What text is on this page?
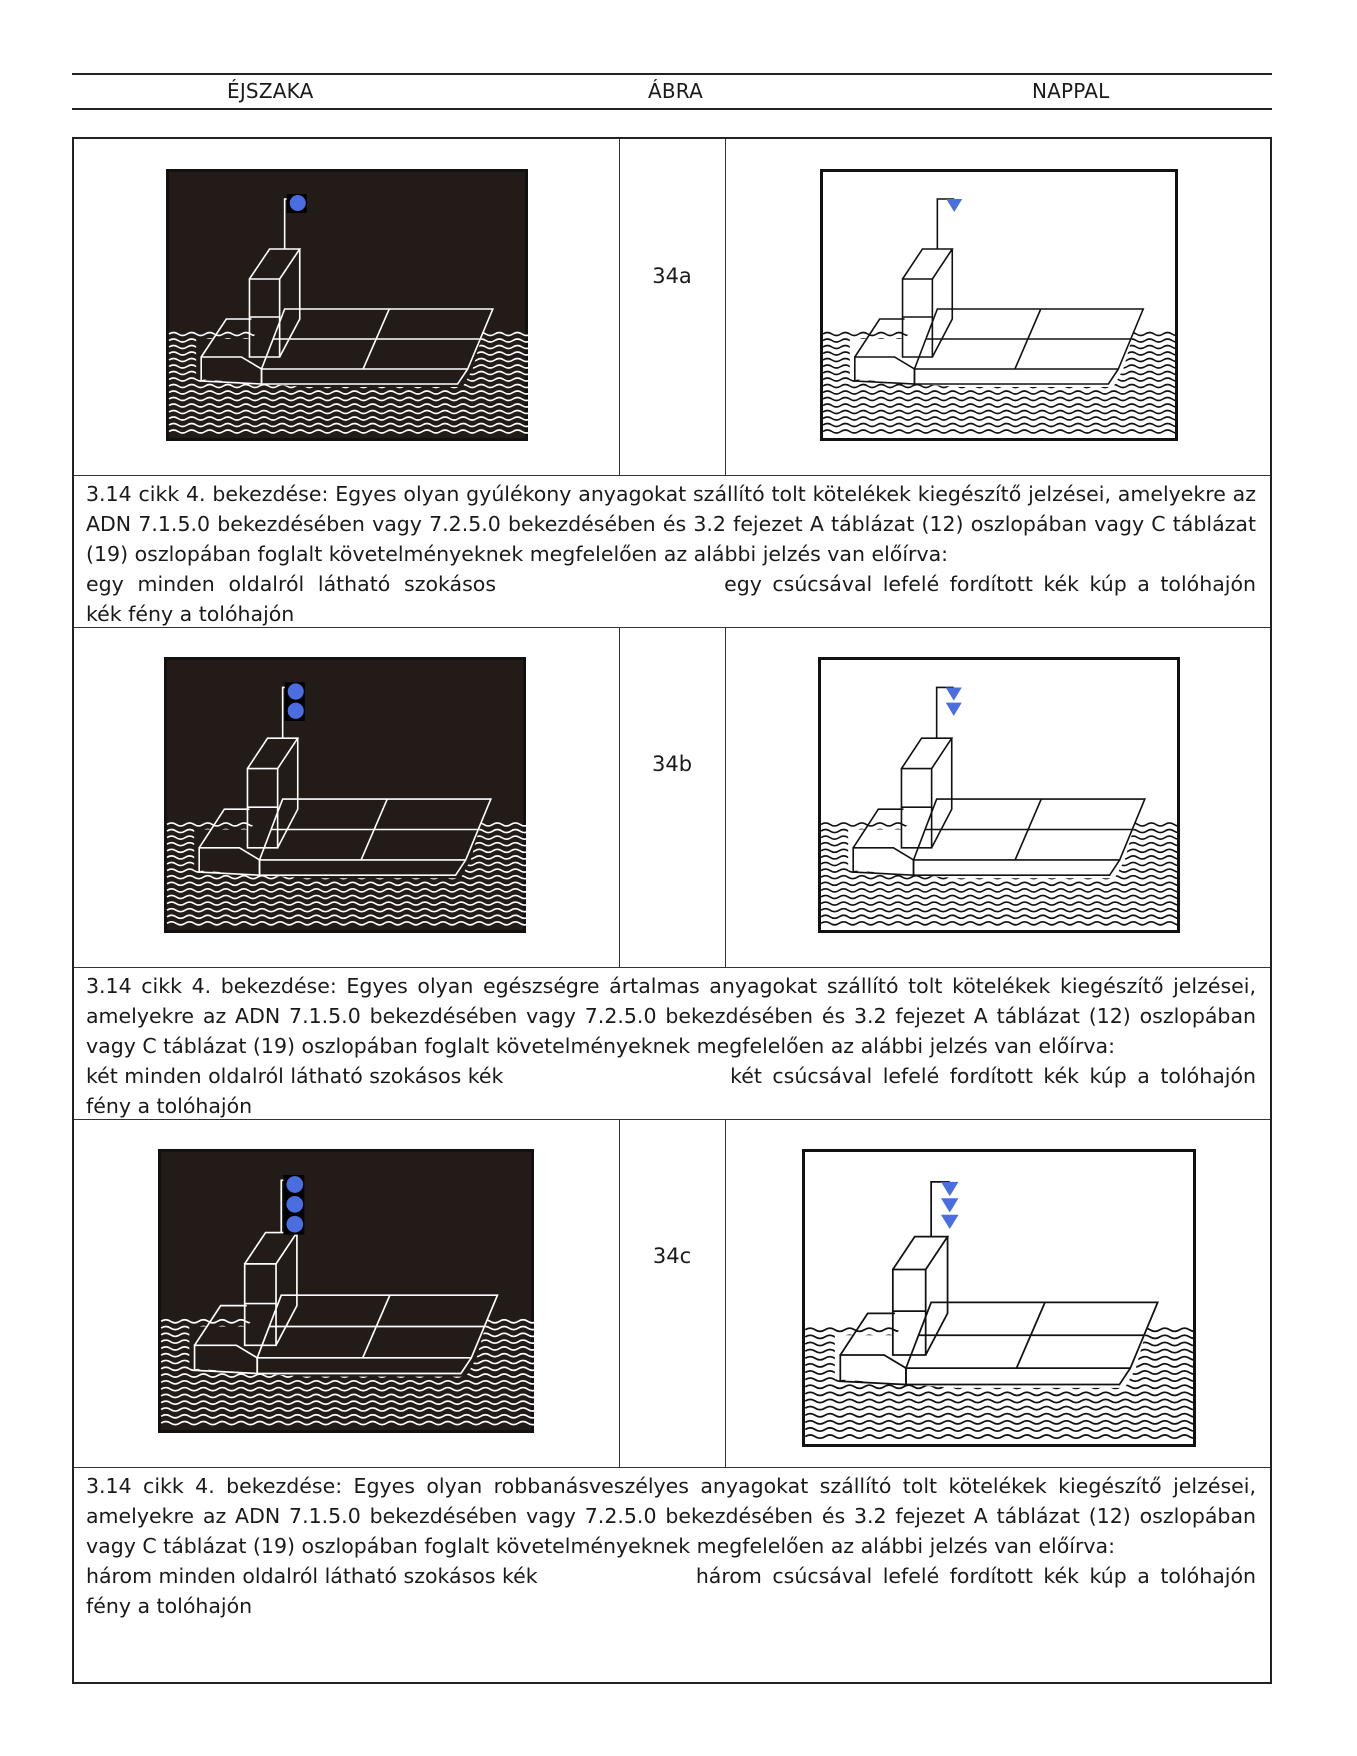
ÉJSZAKA	ÁBRA	NAPPAL
34a

3.14 cikk 4. bekezdése: Egyes olyan gyúlékony anyagokat szállító tolt kötelékek kiegészítő jelzései, amelyekre az ADN 7.1.5.0 bekezdésében vagy 7.2.5.0 bekezdésében és 3.2 fejezet A táblázat (12) oszlopában vagy C táblázat (19) oszlopában foglalt követelményeknek megfelelően az alábbi jelzés van előírva:

egy minden oldalról látható szokásos	egy csúcsával lefelé fordított kék kúp a tolóhajón
kék fény a tolóhajón
34b

3.14 cikk 4. bekezdése: Egyes olyan egészségre ártalmas anyagokat szállító tolt kötelékek kiegészítő jelzései, amelyekre az ADN 7.1.5.0 bekezdésében vagy 7.2.5.0 bekezdésében és 3.2 fejezet A táblázat (12) oszlopában vagy C táblázat (19) oszlopában foglalt követelményeknek megfelelően az alábbi jelzés van előírva:

két minden oldalról látható szokásos kék	két csúcsával lefelé fordított kék kúp a tolóhajón
fény a tolóhajón
34c

3.14 cikk 4. bekezdése: Egyes olyan robbanásveszélyes anyagokat szállító tolt kötelékek kiegészítő jelzései, amelyekre az ADN 7.1.5.0 bekezdésében vagy 7.2.5.0 bekezdésében és 3.2 fejezet A táblázat (12) oszlopában vagy C táblázat (19) oszlopában foglalt követelményeknek megfelelően az alábbi jelzés van előírva:

három minden oldalról látható szokásos kék	három csúcsával lefelé fordított kék kúp a tolóhajón
fény a tolóhajón
